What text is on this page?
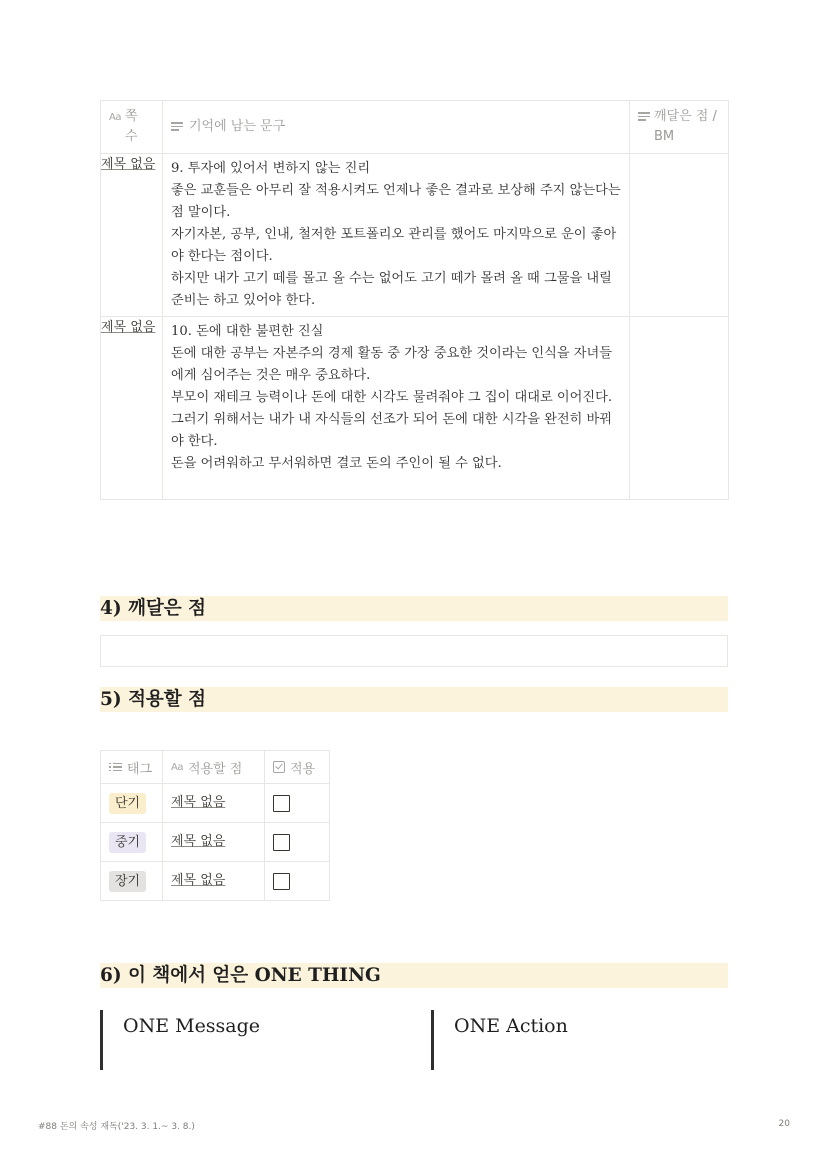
Aa 쪽 수	기억에 남는 문구	깨달은 점 / BM

제목 없음	9. 투자에 있어서 변하지 않는 진리
좋은 교훈들은 아무리 잘 적용시켜도 언제나 좋은 결과로 보상해 주지 않는다는 점 말이다.
자기자본, 공부, 인내, 철저한 포트폴리오 관리를 했어도 마지막으로 운이 좋아야 한다는 점이다.
하지만 내가 고기 떼를 몰고 올 수는 없어도 고기 떼가 몰려 올 때 그물을 내릴 준비는 하고 있어야 한다.	

제목 없음	10. 돈에 대한 불편한 진실
돈에 대한 공부는 자본주의 경제 활동 중 가장 중요한 것이라는 인식을 자녀들에게 심어주는 것은 매우 중요하다.
부모이 재테크 능력이나 돈에 대한 시각도 물려줘야 그 집이 대대로 이어진다.
그러기 위해서는 내가 내 자식들의 선조가 되어 돈에 대한 시각을 완전히 바꿔야 한다.
돈을 어려워하고 무서워하면 결코 돈의 주인이 될 수 없다.	

4) 깨달은 점
5) 적용할 점
태그	Aa 적용할 점	적용

단기	제목 없음	
중기	제목 없음	
장기	제목 없음	
6) 이 책에서 얻은 ONE THING
ONE Message	ONE Action
#88 돈의 속성 재독('23. 3. 1.~ 3. 8.)	20
